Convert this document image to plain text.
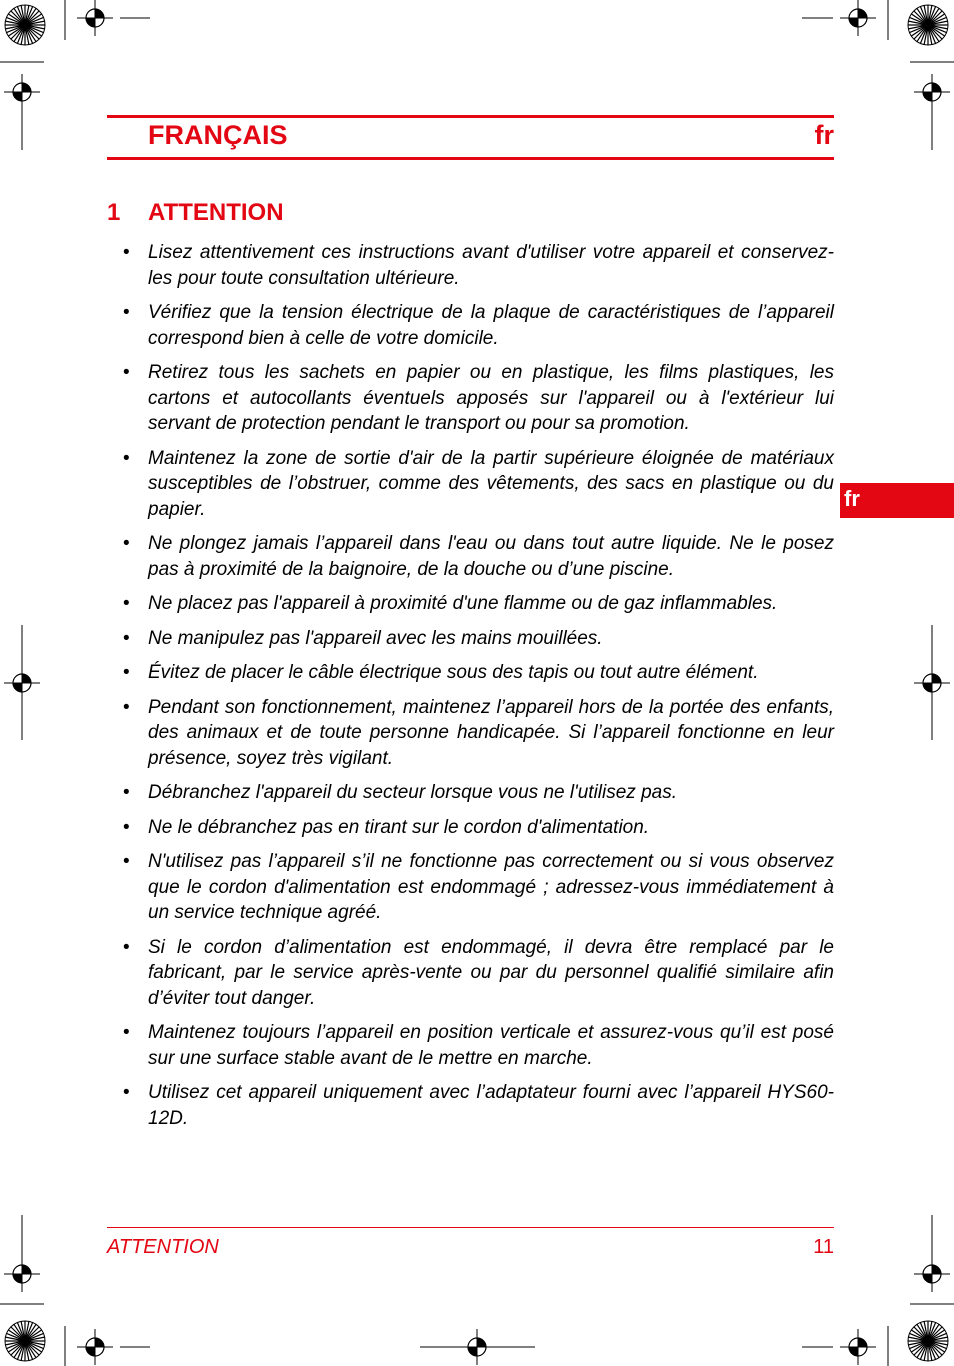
FRANÇAIS	fr
1 ATTENTION
• Lisez attentivement ces instructions avant d'utiliser votre appareil et conservez-les pour toute consultation ultérieure.
• Vérifiez que la tension électrique de la plaque de caractéristiques de l’appareil correspond bien à celle de votre domicile.
• Retirez tous les sachets en papier ou en plastique, les films plastiques, les cartons et autocollants éventuels apposés sur l'appareil ou à l'extérieur lui servant de protection pendant le transport ou pour sa promotion.
• Maintenez la zone de sortie d'air de la partir supérieure éloignée de matériaux susceptibles de l’obstruer, comme des vêtements, des sacs en plastique ou du papier.
• Ne plongez jamais l’appareil dans l'eau ou dans tout autre liquide. Ne le posez pas à proximité de la baignoire, de la douche ou d’une piscine.
• Ne placez pas l'appareil à proximité d'une flamme ou de gaz inflammables.
• Ne manipulez pas l'appareil avec les mains mouillées.
• Évitez de placer le câble électrique sous des tapis ou tout autre élément.
• Pendant son fonctionnement, maintenez l’appareil hors de la portée des enfants, des animaux et de toute personne handicapée. Si l’appareil fonctionne en leur présence, soyez très vigilant.
• Débranchez l'appareil du secteur lorsque vous ne l'utilisez pas.
• Ne le débranchez pas en tirant sur le cordon d'alimentation.
• N'utilisez pas l’appareil s’il ne fonctionne pas correctement ou si vous observez que le cordon d'alimentation est endommagé ; adressez-vous immédiatement à un service technique agréé.
• Si le cordon d’alimentation est endommagé, il devra être remplacé par le fabricant, par le service après-vente ou par du personnel qualifié similaire afin d’éviter tout danger.
• Maintenez toujours l’appareil en position verticale et assurez-vous qu’il est posé sur une surface stable avant de le mettre en marche.
• Utilisez cet appareil uniquement avec l’adaptateur fourni avec l’appareil HYS60-12D.
fr
ATTENTION	11
